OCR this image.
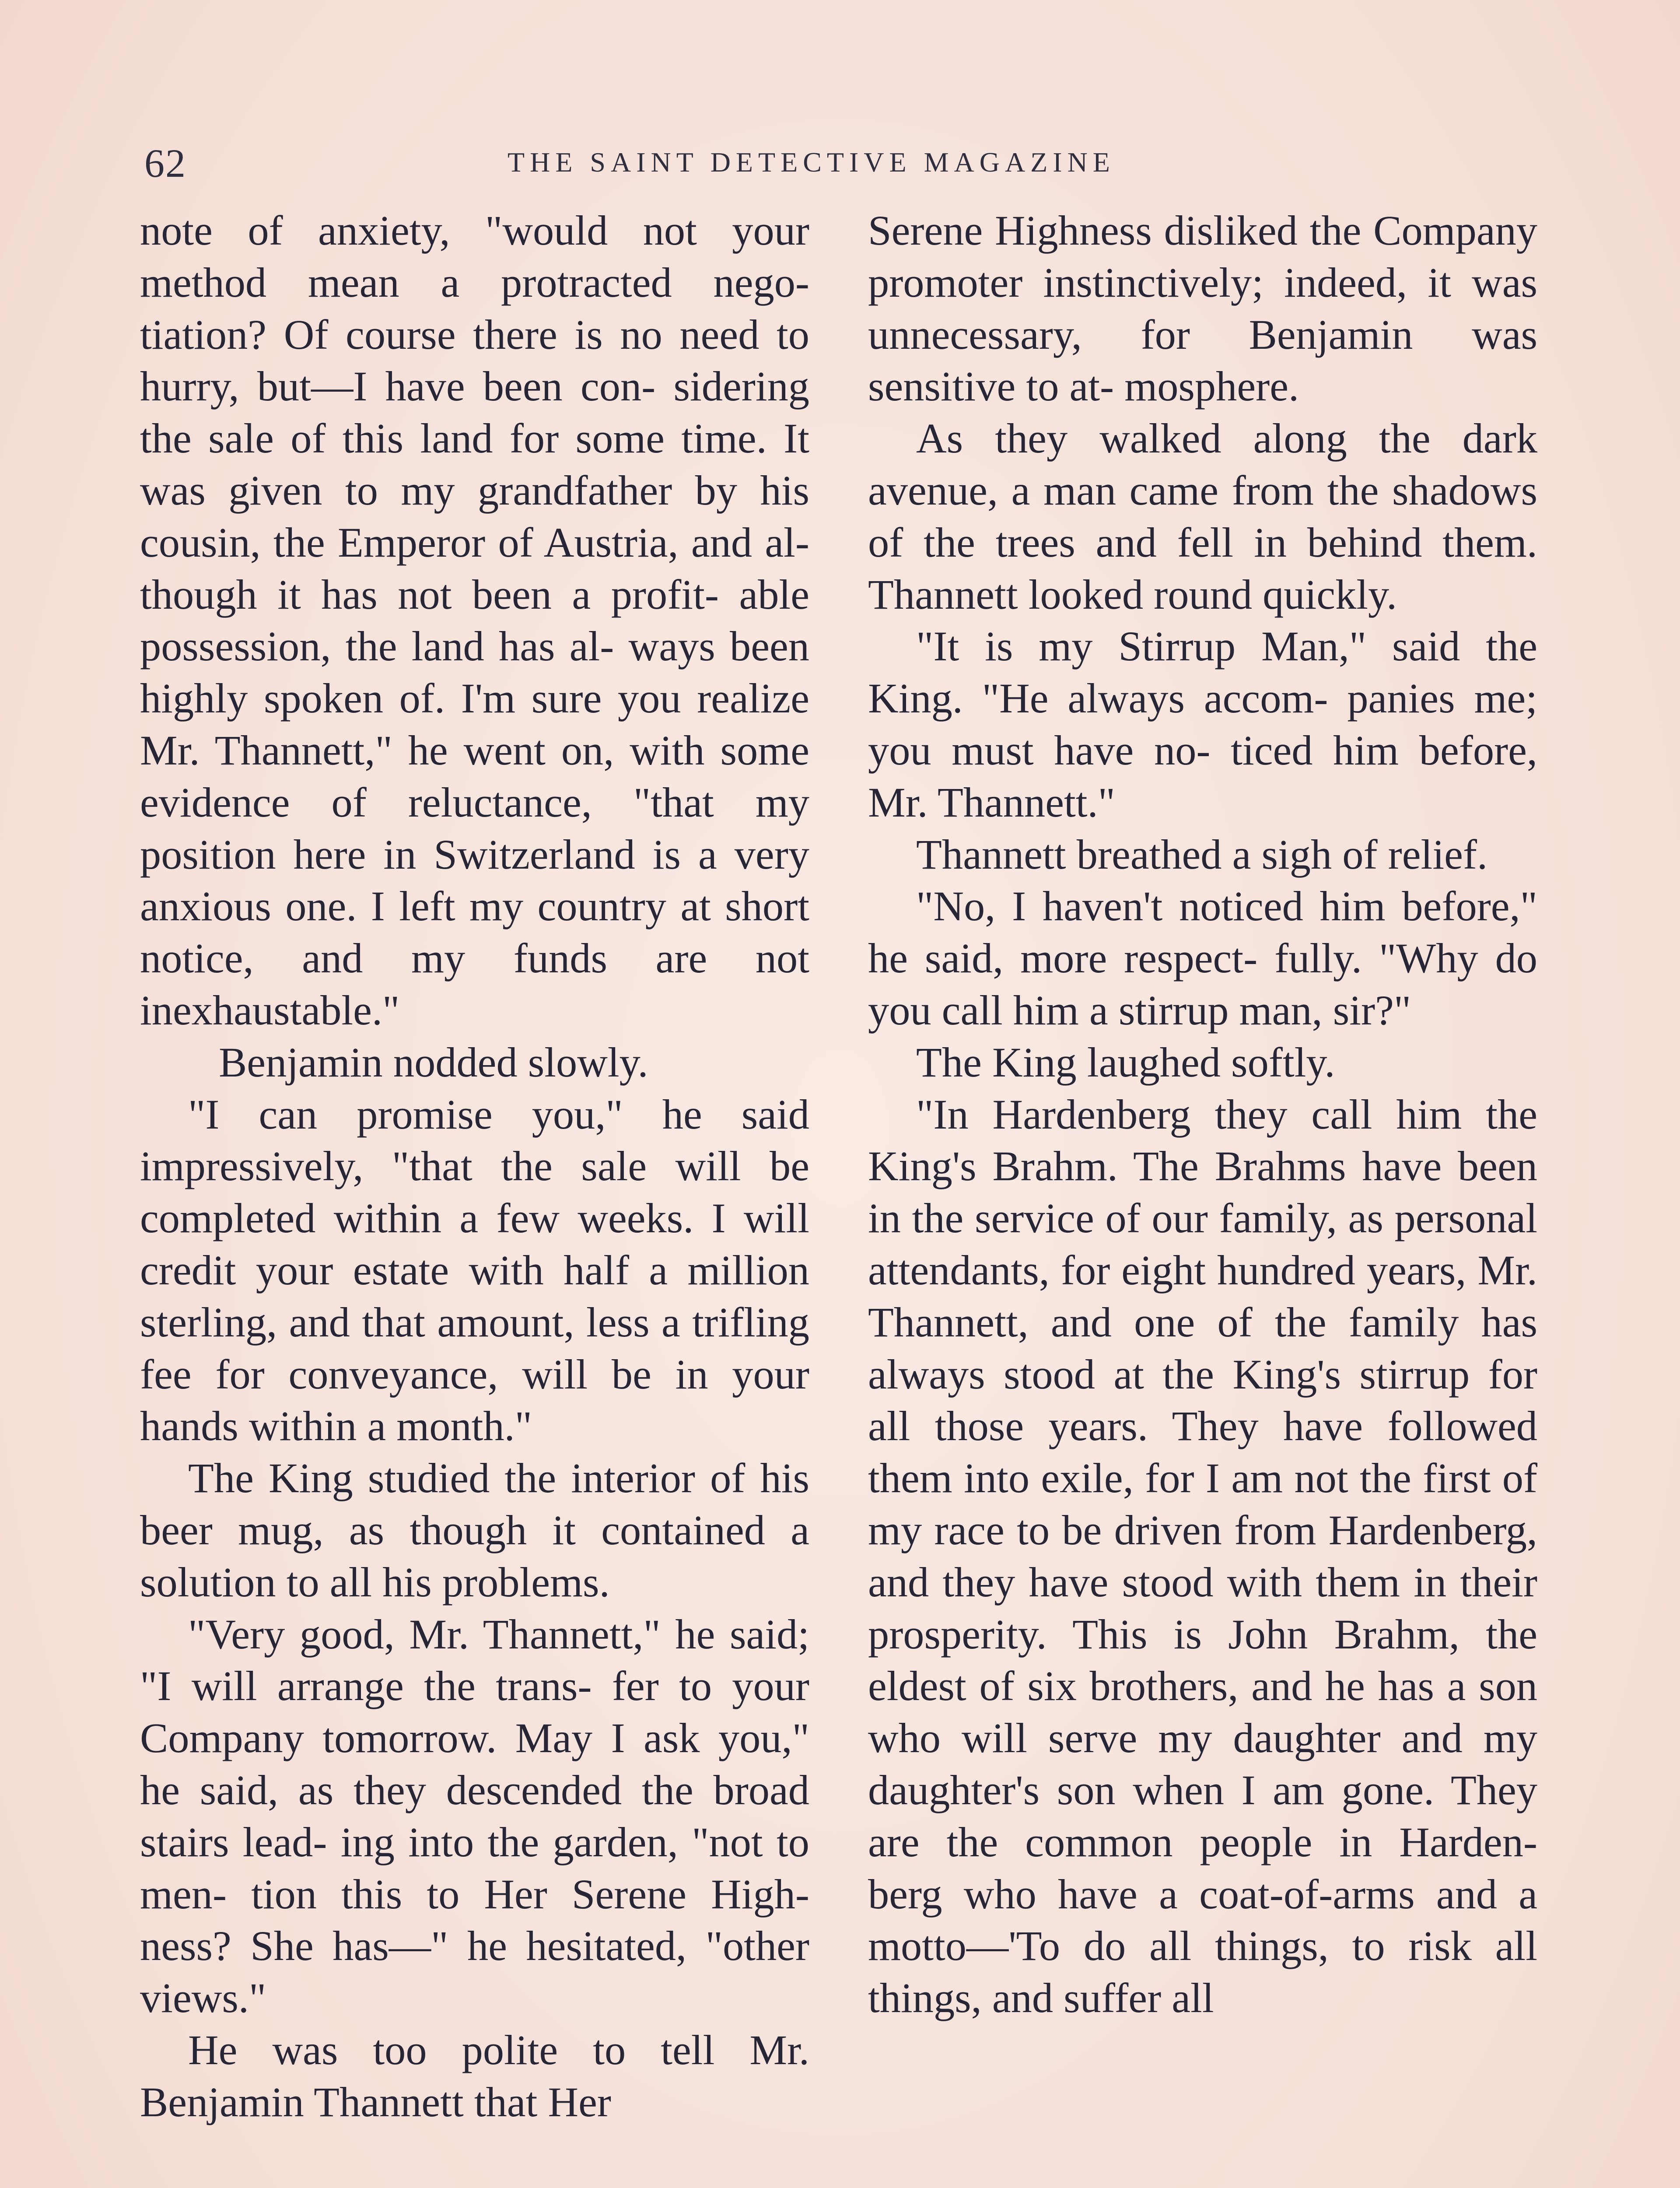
62	THE SAINT DETECTIVE MAGAZINE

note of anxiety, "would not your method mean a protracted nego- tiation? Of course there is no need to hurry, but—I have been con- sidering the sale of this land for some time. It was given to my grandfather by his cousin, the Emperor of Austria, and al- though it has not been a profit- able possession, the land has al- ways been highly spoken of. I'm sure you realize Mr. Thannett," he went on, with some evidence of reluctance, "that my position here in Switzerland is a very anxious one. I left my country at short notice, and my funds are not inexhaustable."

Benjamin nodded slowly.

"I can promise you," he said impressively, "that the sale will be completed within a few weeks. I will credit your estate with half a million sterling, and that amount, less a trifling fee for conveyance, will be in your hands within a month."

The King studied the interior of his beer mug, as though it contained a solution to all his problems.

"Very good, Mr. Thannett," he said; "I will arrange the trans- fer to your Company tomorrow. May I ask you," he said, as they descended the broad stairs lead- ing into the garden, "not to men- tion this to Her Serene High- ness? She has—" he hesitated, "other views."

He was too polite to tell Mr. Benjamin Thannett that Her

Serene Highness disliked the Company promoter instinctively; indeed, it was unnecessary, for Benjamin was sensitive to at- mosphere.

As they walked along the dark avenue, a man came from the shadows of the trees and fell in behind them. Thannett looked round quickly.

"It is my Stirrup Man," said the King. "He always accom- panies me; you must have no- ticed him before, Mr. Thannett."

Thannett breathed a sigh of relief.

"No, I haven't noticed him before," he said, more respect- fully. "Why do you call him a stirrup man, sir?"

The King laughed softly.

"In Hardenberg they call him the King's Brahm. The Brahms have been in the service of our family, as personal attendants, for eight hundred years, Mr. Thannett, and one of the family has always stood at the King's stirrup for all those years. They have followed them into exile, for I am not the first of my race to be driven from Hardenberg, and they have stood with them in their prosperity. This is John Brahm, the eldest of six brothers, and he has a son who will serve my daughter and my daughter's son when I am gone. They are the common people in Harden- berg who have a coat-of-arms and a motto—'To do all things, to risk all things, and suffer all
